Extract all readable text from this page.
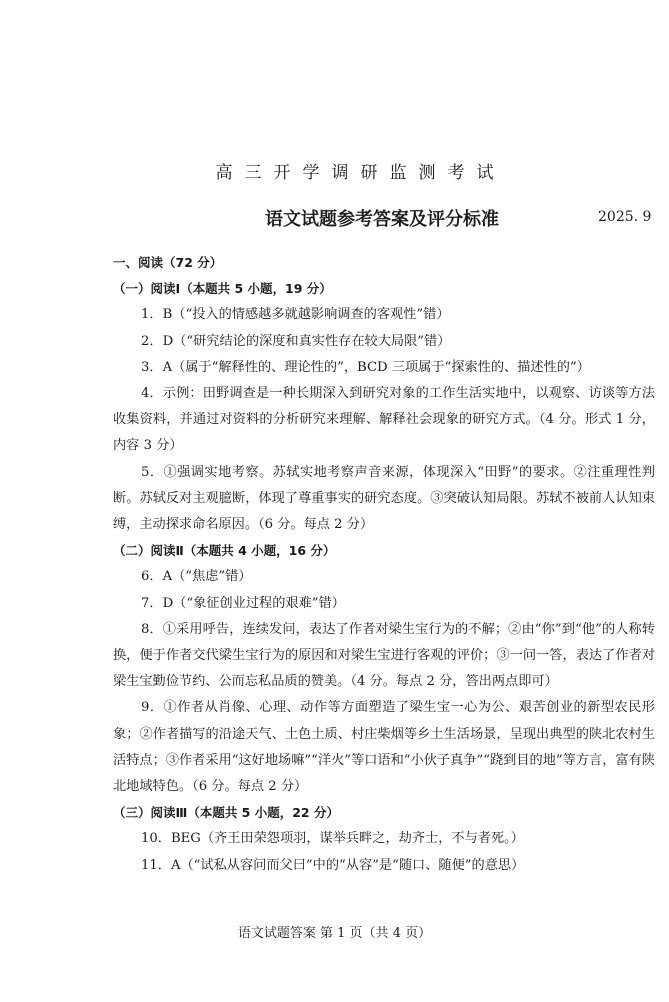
高三开学调研监测考试
语文试题参考答案及评分标准	2025. 9

一、阅读（72 分）

（一）阅读Ⅰ（本题共 5 小题，19 分）

1．B（“投入的情感越多就越影响调查的客观性”错）

2．D（“研究结论的深度和真实性存在较大局限”错）

3．A（属于“解释性的、理论性的”，BCD 三项属于“探索性的、描述性的”）

4．示例：田野调查是一种长期深入到研究对象的工作生活实地中，以观察、访谈等方法收集资料，并通过对资料的分析研究来理解、解释社会现象的研究方式。（4 分。形式 1 分，内容 3 分）

5．①强调实地考察。苏轼实地考察声音来源，体现深入“田野”的要求。②注重理性判断。苏轼反对主观臆断，体现了尊重事实的研究态度。③突破认知局限。苏轼不被前人认知束缚，主动探求命名原因。（6 分。每点 2 分）

（二）阅读Ⅱ（本题共 4 小题，16 分）

6．A（“焦虑”错）

7．D（“象征创业过程的艰难”错）

8．①采用呼告，连续发问，表达了作者对梁生宝行为的不解；②由“你”到“他”的人称转换，便于作者交代梁生宝行为的原因和对梁生宝进行客观的评价；③一问一答，表达了作者对梁生宝勤俭节约、公而忘私品质的赞美。（4 分。每点 2 分，答出两点即可）

9．①作者从肖像、心理、动作等方面塑造了梁生宝一心为公、艰苦创业的新型农民形象；②作者描写的沿途天气、土色土质、村庄柴烟等乡土生活场景，呈现出典型的陕北农村生活特点；③作者采用“这好地场嘛”“洋火”等口语和“小伙子真争”“跷到目的地”等方言，富有陕北地域特色。（6 分。每点 2 分）

（三）阅读Ⅲ（本题共 5 小题，22 分）

10．BEG（齐王田荣怨项羽，谋举兵畔之，劫齐士，不与者死。）

11．A（“试私从容问而父曰”中的“从容”是“随口、随便”的意思）

语文试题答案 第 1 页（共 4 页）
